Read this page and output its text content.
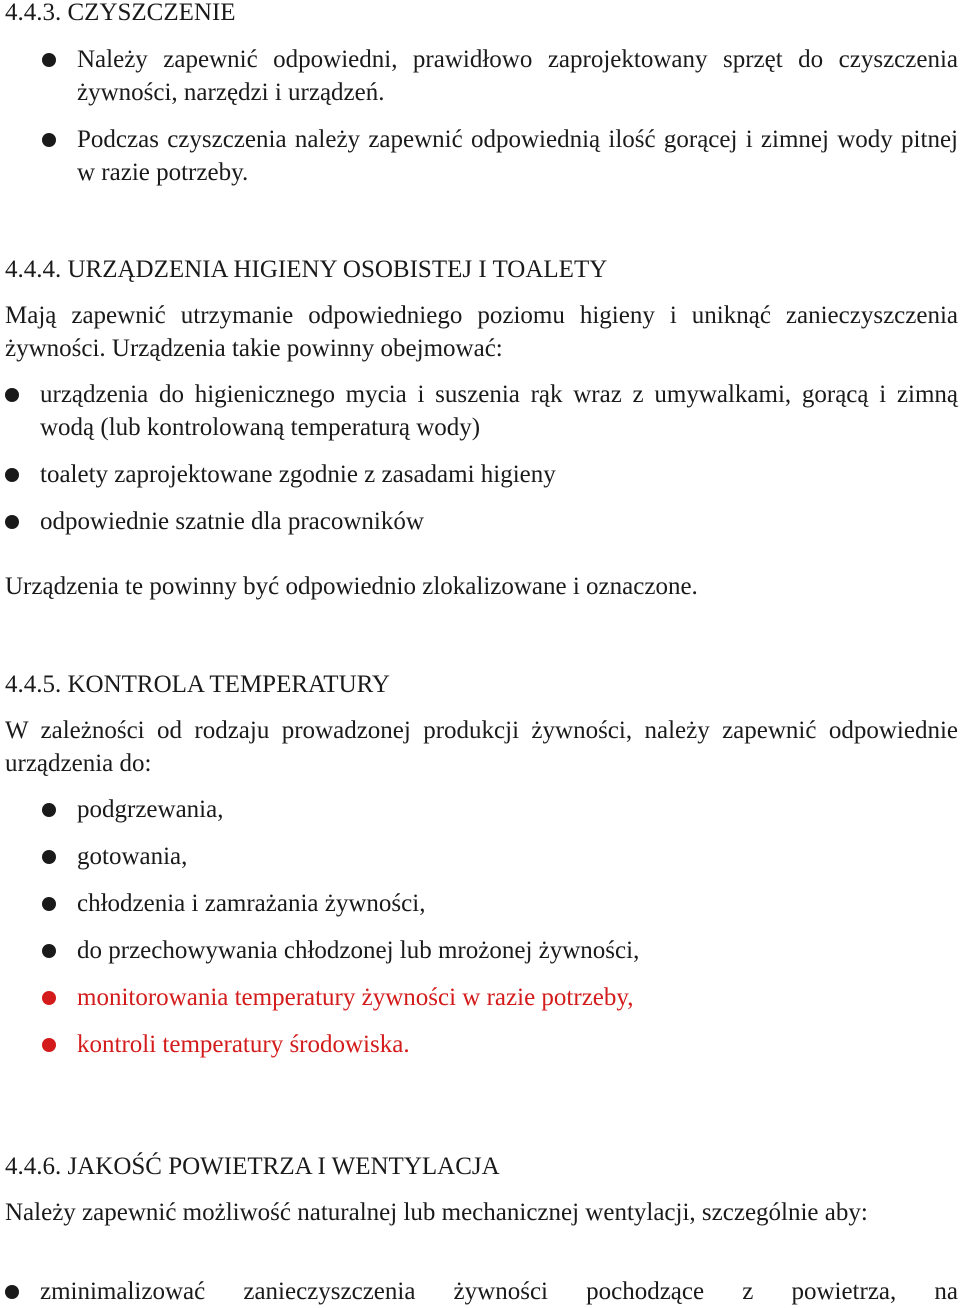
4.4.3. CZYSZCZENIE
Należy zapewnić odpowiedni, prawidłowo zaprojektowany sprzęt do czyszczenia żywności, narzędzi i urządzeń.
Podczas czyszczenia należy zapewnić odpowiednią ilość gorącej i zimnej wody pitnej w razie potrzeby.
4.4.4. URZĄDZENIA HIGIENY OSOBISTEJ I TOALETY
Mają zapewnić utrzymanie odpowiedniego poziomu higieny i uniknąć zanieczyszczenia żywności. Urządzenia takie powinny obejmować:
urządzenia do higienicznego mycia i suszenia rąk wraz z umywalkami, gorącą i zimną wodą (lub kontrolowaną temperaturą wody)
toalety zaprojektowane zgodnie z zasadami higieny
odpowiednie szatnie dla pracowników
Urządzenia te powinny być odpowiednio zlokalizowane i oznaczone.
4.4.5. KONTROLA TEMPERATURY
W zależności od rodzaju prowadzonej produkcji żywności, należy zapewnić odpowiednie urządzenia do:
podgrzewania,
gotowania,
chłodzenia i zamrażania żywności,
do przechowywania chłodzonej lub mrożonej żywności,
monitorowania temperatury żywności w razie potrzeby,
kontroli temperatury środowiska.
4.4.6. JAKOŚĆ POWIETRZA I WENTYLACJA
Należy zapewnić możliwość naturalnej lub mechanicznej wentylacji, szczególnie aby:
zminimalizować zanieczyszczenia żywności pochodzące z powietrza, na
